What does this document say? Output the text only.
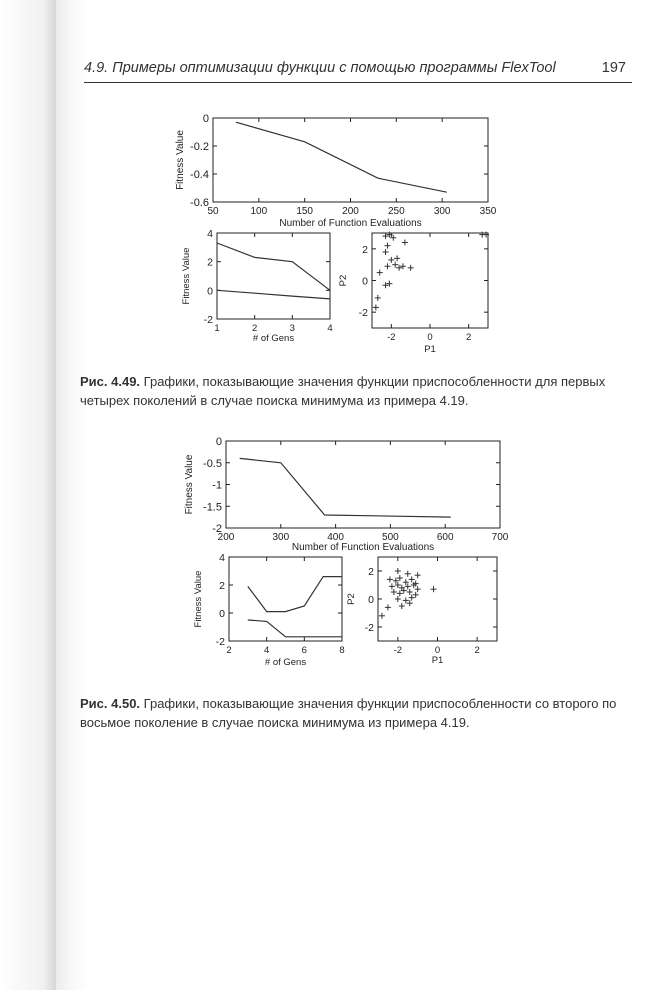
4.9. Примеры оптимизации функции с помощью программы FlexTool	197
50	100	150	200	250	300	350
0
-0.2
-0.4
-0.6
Number of Function Evaluations
Fitness Value
1	2	3	4
4
2
0
-2
# of Gens
Fitness Value
-2	0	2
2
0
-2
P1
P2
200	300	400	500	600	700
0
-0.5
-1
-1.5
-2
Number of Function Evaluations
Fitness Value
2	4	6	8
4
2
0
-2
# of Gens
Fitness Value
-2	0	2
2
0
-2
P1
P2
Рис. 4.49. Графики, показывающие значения функции приспособленности для первых четырех поколений в случае поиска минимума из примера 4.19.
Рис. 4.50. Графики, показывающие значения функции приспособленности со второго по восьмое поколение в случае поиска минимума из примера 4.19.
